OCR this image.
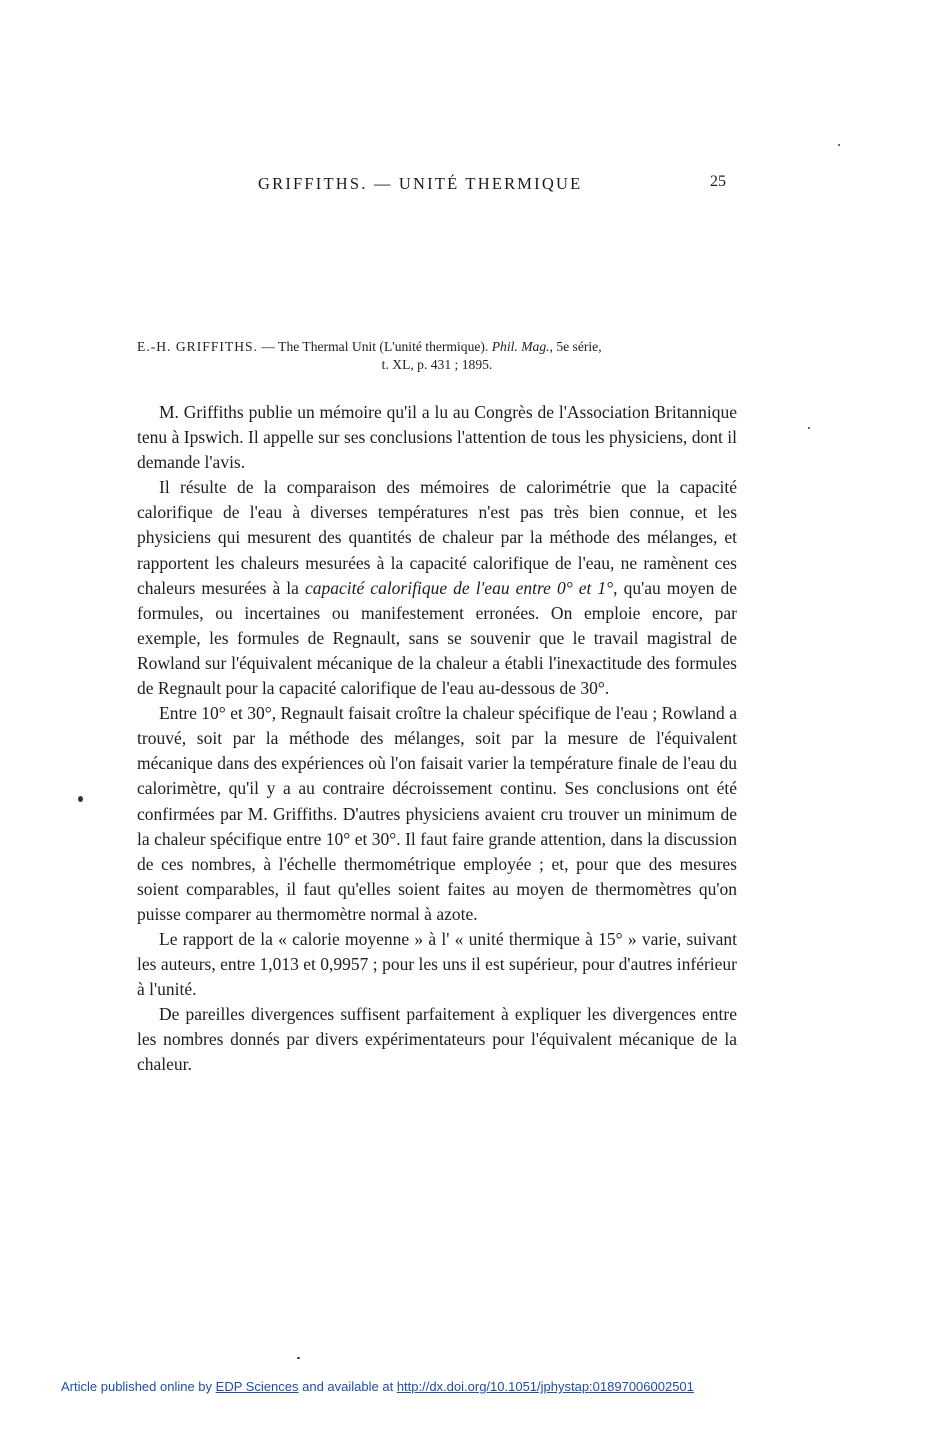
GRIFFITHS. — UNITÉ THERMIQUE	25
E.-H. GRIFFITHS. — The Thermal Unit (L'unité thermique). Phil. Mag., 5e série,
t. XL, p. 431 ; 1895.

M. Griffiths publie un mémoire qu'il a lu au Congrès de l'Association Britannique tenu à Ipswich. Il appelle sur ses conclusions l'attention de tous les physiciens, dont il demande l'avis.

Il résulte de la comparaison des mémoires de calorimétrie que la capacité calorifique de l'eau à diverses températures n'est pas très bien connue, et les physiciens qui mesurent des quantités de chaleur par la méthode des mélanges, et rapportent les chaleurs mesurées à la capacité calorifique de l'eau, ne ramènent ces chaleurs mesurées à la capacité calorifique de l'eau entre 0° et 1°, qu'au moyen de formules, ou incertaines ou manifestement erronées. On emploie encore, par exemple, les formules de Regnault, sans se souvenir que le travail magistral de Rowland sur l'équivalent mécanique de la chaleur a établi l'inexactitude des formules de Regnault pour la capacité calorifique de l'eau au-dessous de 30°.

Entre 10° et 30°, Regnault faisait croître la chaleur spécifique de l'eau ; Rowland a trouvé, soit par la méthode des mélanges, soit par la mesure de l'équivalent mécanique dans des expériences où l'on faisait varier la température finale de l'eau du calorimètre, qu'il y a au contraire décroissement continu. Ses conclusions ont été confirmées par M. Griffiths. D'autres physiciens avaient cru trouver un minimum de la chaleur spécifique entre 10° et 30°. Il faut faire grande attention, dans la discussion de ces nombres, à l'échelle thermométrique employée ; et, pour que des mesures soient comparables, il faut qu'elles soient faites au moyen de thermomètres qu'on puisse comparer au thermomètre normal à azote.

Le rapport de la « calorie moyenne » à l' « unité thermique à 15° » varie, suivant les auteurs, entre 1,013 et 0,9957 ; pour les uns il est supérieur, pour d'autres inférieur à l'unité.

De pareilles divergences suffisent parfaitement à expliquer les divergences entre les nombres donnés par divers expérimentateurs pour l'équivalent mécanique de la chaleur.

Article published online by EDP Sciences and available at http://dx.doi.org/10.1051/jphystap:01897006002501
